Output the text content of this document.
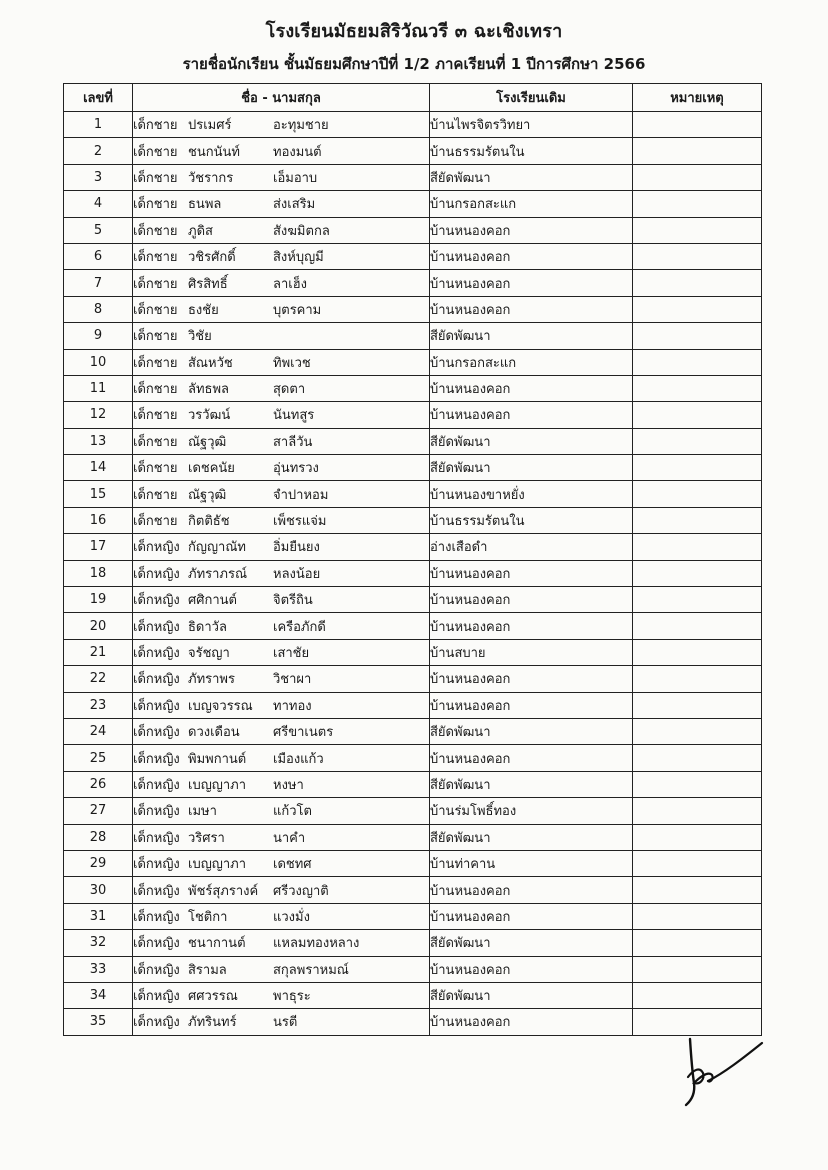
โรงเรียนมัธยมสิริวัณวรี ๓ ฉะเชิงเทรา
รายชื่อนักเรียน ชั้นมัธยมศึกษาปีที่ 1/2 ภาคเรียนที่ 1 ปีการศึกษา 2566
เลขที่	ชื่อ - นามสกุล	โรงเรียนเดิม	หมายเหตุ
1	เด็กชาย ปรเมศร์ อะทุมชาย	บ้านไพรจิตรวิทยา	
2	เด็กชาย ชนกนันท์ ทองมนต์	บ้านธรรมรัตนใน	
3	เด็กชาย วัชรากร เอ็มอาบ	สียัดพัฒนา	
4	เด็กชาย ธนพล ส่งเสริม	บ้านกรอกสะแก	
5	เด็กชาย ภูดิส สังฆมิตกล	บ้านหนองคอก	
6	เด็กชาย วชิรศักดิ์ สิงห์บุญมี	บ้านหนองคอก	
7	เด็กชาย ศิรสิทธิ์ ลาเฮ็ง	บ้านหนองคอก	
8	เด็กชาย ธงชัย บุตรคาม	บ้านหนองคอก	
9	เด็กชาย วิชัย	สียัดพัฒนา	
10	เด็กชาย สัณหวัช ทิพเวช	บ้านกรอกสะแก	
11	เด็กชาย ลัทธพล สุดตา	บ้านหนองคอก	
12	เด็กชาย วรวัฒน์ นันทสูร	บ้านหนองคอก	
13	เด็กชาย ณัฐวุฒิ สาลีวัน	สียัดพัฒนา	
14	เด็กชาย เดชคนัย อุ่นทรวง	สียัดพัฒนา	
15	เด็กชาย ณัฐวุฒิ จำปาหอม	บ้านหนองขาหยั่ง	
16	เด็กชาย กิตติธัช เพ็ชรแจ่ม	บ้านธรรมรัตนใน	
17	เด็กหญิง กัญญาณัท อิ่มยืนยง	อ่างเสือดำ	
18	เด็กหญิง ภัทราภรณ์ หลงน้อย	บ้านหนองคอก	
19	เด็กหญิง ศศิกานต์ จิตรีถิน	บ้านหนองคอก	
20	เด็กหญิง ธิดาวัล เครือภักดี	บ้านหนองคอก	
21	เด็กหญิง จรัชญา เสาชัย	บ้านสบาย	
22	เด็กหญิง ภัทราพร วิชาผา	บ้านหนองคอก	
23	เด็กหญิง เบญจวรรณ ทาทอง	บ้านหนองคอก	
24	เด็กหญิง ดวงเดือน ศรีขาเนตร	สียัดพัฒนา	
25	เด็กหญิง พิมพกานต์ เมืองแก้ว	บ้านหนองคอก	
26	เด็กหญิง เบญญาภา หงษา	สียัดพัฒนา	
27	เด็กหญิง เมษา แก้วโต	บ้านร่มโพธิ์ทอง	
28	เด็กหญิง วริศรา นาคำ	สียัดพัฒนา	
29	เด็กหญิง เบญญาภา เดชทศ	บ้านท่าคาน	
30	เด็กหญิง พัชร์สุภรางค์ ศรีวงญาติ	บ้านหนองคอก	
31	เด็กหญิง โชติกา แวงมั่ง	บ้านหนองคอก	
32	เด็กหญิง ชนากานต์ แหลมทองหลาง	สียัดพัฒนา	
33	เด็กหญิง สิรามล สกุลพราหมณ์	บ้านหนองคอก	
34	เด็กหญิง ศศวรรณ พาธุระ	สียัดพัฒนา	
35	เด็กหญิง ภัทรินทร์ นรตี	บ้านหนองคอก	
